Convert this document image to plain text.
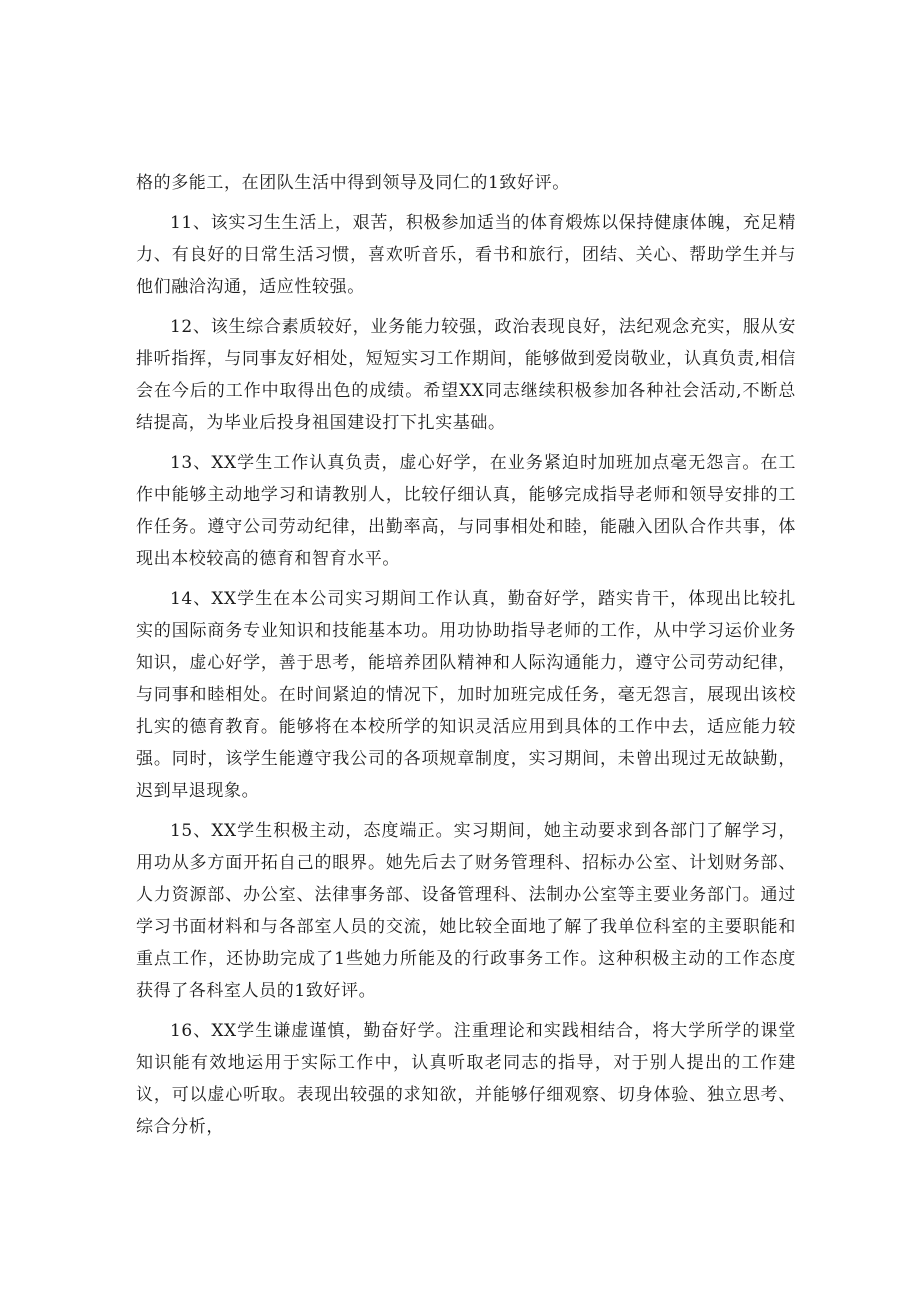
格的多能工，在团队生活中得到领导及同仁的1致好评。

11、该实习生生活上，艰苦，积极参加适当的体育煅炼以保持健康体魄，充足精力、有良好的日常生活习惯，喜欢听音乐，看书和旅行，团结、关心、帮助学生并与他们融洽沟通，适应性较强。

12、该生综合素质较好，业务能力较强，政治表现良好，法纪观念充实，服从安排听指挥，与同事友好相处，短短实习工作期间，能够做到爱岗敬业，认真负责,相信会在今后的工作中取得出色的成绩。希望XX同志继续积极参加各种社会活动,不断总结提高，为毕业后投身祖国建设打下扎实基础。

13、XX学生工作认真负责，虚心好学，在业务紧迫时加班加点毫无怨言。在工作中能够主动地学习和请教别人，比较仔细认真，能够完成指导老师和领导安排的工作任务。遵守公司劳动纪律，出勤率高，与同事相处和睦，能融入团队合作共事，体现出本校较高的德育和智育水平。

14、XX学生在本公司实习期间工作认真，勤奋好学，踏实肯干，体现出比较扎实的国际商务专业知识和技能基本功。用功协助指导老师的工作，从中学习运价业务知识，虚心好学，善于思考，能培养团队精神和人际沟通能力，遵守公司劳动纪律，与同事和睦相处。在时间紧迫的情况下，加时加班完成任务，毫无怨言，展现出该校扎实的德育教育。能够将在本校所学的知识灵活应用到具体的工作中去，适应能力较强。同时，该学生能遵守我公司的各项规章制度，实习期间，未曾出现过无故缺勤，迟到早退现象。

15、XX学生积极主动，态度端正。实习期间，她主动要求到各部门了解学习，用功从多方面开拓自己的眼界。她先后去了财务管理科、招标办公室、计划财务部、人力资源部、办公室、法律事务部、设备管理科、法制办公室等主要业务部门。通过学习书面材料和与各部室人员的交流，她比较全面地了解了我单位科室的主要职能和重点工作，还协助完成了1些她力所能及的行政事务工作。这种积极主动的工作态度获得了各科室人员的1致好评。

16、XX学生谦虚谨慎，勤奋好学。注重理论和实践相结合，将大学所学的课堂知识能有效地运用于实际工作中，认真听取老同志的指导，对于别人提出的工作建议，可以虚心听取。表现出较强的求知欲，并能够仔细观察、切身体验、独立思考、综合分析，
